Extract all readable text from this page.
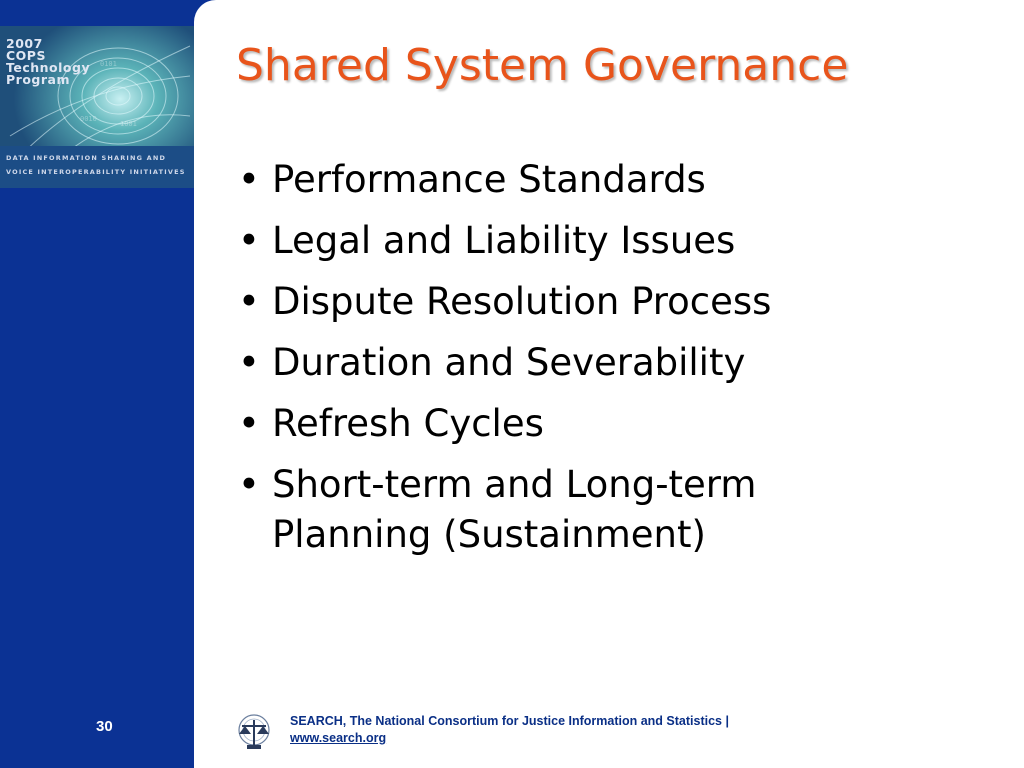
0101
1001
0010
2007
COPS
Technology
Program
DATA INFORMATION SHARING AND
VOICE INTEROPERABILITY INITIATIVES
30
Shared System Governance
• Performance Standards
• Legal and Liability Issues
• Dispute Resolution Process
• Duration and Severability
• Refresh Cycles
• Short-term and Long-term Planning (Sustainment)
SEARCH, The National Consortium for Justice Information and Statistics |
www.search.org
